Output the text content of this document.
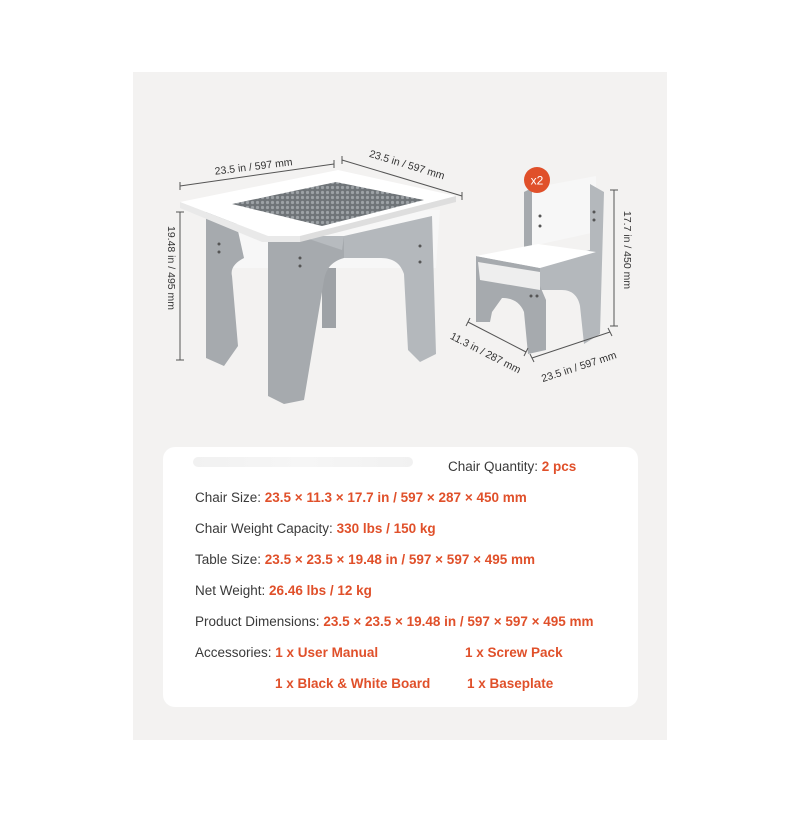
x2
23.5 in / 597 mm	23.5 in / 597 mm
19.48 in / 495 mm	17.7 in / 450 mm
11.3 in / 287 mm 23.5 in / 597 mm
Chair Quantity: 2 pcs
Chair Size: 23.5 × 11.3 × 17.7 in / 597 × 287 × 450 mm
Chair Weight Capacity: 330 lbs / 150 kg
Table Size: 23.5 × 23.5 × 19.48 in / 597 × 597 × 495 mm
Net Weight: 26.46 lbs / 12 kg
Product Dimensions: 23.5 × 23.5 × 19.48 in / 597 × 597 × 495 mm
Accessories: 1 x User Manual	1 x Screw Pack
1 x Black & White Board	1 x Baseplate
